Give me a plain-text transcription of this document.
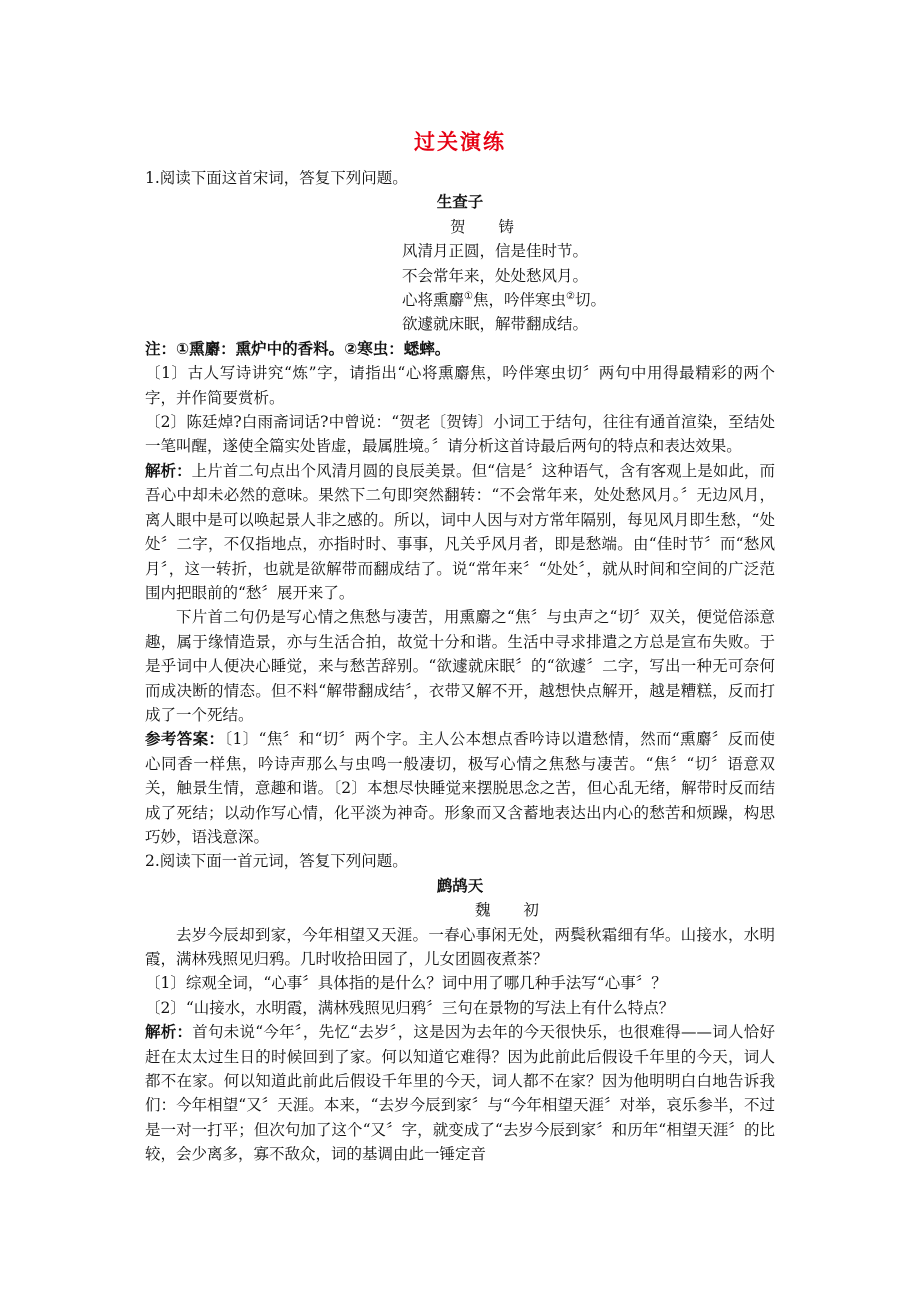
过关演练

1.阅读下面这首宋词，答复下列问题。

生查子

贺 铸

风清月正圆，信是佳时节。

不会常年来，处处愁风月。

心将熏麝①焦，吟伴寒虫②切。

欲遽就床眠，解带翻成结。

注：①熏麝：熏炉中的香料。②寒虫：蟋蟀。

〔1〕古人写诗讲究“炼”字，请指出“心将熏麝焦，吟伴寒虫切〞两句中用得最精彩的两个字，并作简要赏析。

〔2〕陈廷焯?白雨斋词话?中曾说：“贺老〔贺铸〕小词工于结句，往往有通首渲染，至结处一笔叫醒，遂使全篇实处皆虚，最属胜境。〞请分析这首诗最后两句的特点和表达效果。

解析：上片首二句点出个风清月圆的良辰美景。但“信是〞这种语气，含有客观上是如此，而吾心中却未必然的意味。果然下二句即突然翻转：“不会常年来，处处愁风月。〞无边风月，离人眼中是可以唤起景人非之感的。所以，词中人因与对方常年隔别，每见风月即生愁，“处处〞二字，不仅指地点，亦指时时、事事，凡关乎风月者，即是愁端。由“佳时节〞而“愁风月〞，这一转折，也就是欲解带而翻成结了。说“常年来〞“处处〞，就从时间和空间的广泛范围内把眼前的“愁〞展开来了。

下片首二句仍是写心情之焦愁与凄苦，用熏麝之“焦〞与虫声之“切〞双关，便觉倍添意趣，属于缘情造景，亦与生活合拍，故觉十分和谐。生活中寻求排遣之方总是宣布失败。于是乎词中人便决心睡觉，来与愁苦辞别。“欲遽就床眠〞的“欲遽〞二字，写出一种无可奈何而成决断的情态。但不料“解带翻成结〞，衣带又解不开，越想快点解开，越是糟糕，反而打成了一个死结。

参考答案：〔1〕“焦〞和“切〞两个字。主人公本想点香吟诗以遣愁情，然而“熏麝〞反而使心同香一样焦，吟诗声那么与虫鸣一般凄切，极写心情之焦愁与凄苦。“焦〞“切〞语意双关，触景生情，意趣和谐。〔2〕本想尽快睡觉来摆脱思念之苦，但心乱无绪，解带时反而结成了死结；以动作写心情，化平淡为神奇。形象而又含蓄地表达出内心的愁苦和烦躁，构思巧妙，语浅意深。

2.阅读下面一首元词，答复下列问题。

鹧鸪天

魏 初

去岁今辰却到家，今年相望又天涯。一春心事闲无处，两鬓秋霜细有华。山接水，水明霞，满林残照见归鸦。几时收拾田园了，儿女团圆夜煮茶？

〔1〕综观全词，“心事〞具体指的是什么？词中用了哪几种手法写“心事〞？

〔2〕“山接水，水明霞，满林残照见归鸦〞三句在景物的写法上有什么特点？

解析：首句未说“今年〞，先忆“去岁〞，这是因为去年的今天很快乐，也很难得——词人恰好赶在太太过生日的时候回到了家。何以知道它难得？因为此前此后假设千年里的今天，词人都不在家。何以知道此前此后假设千年里的今天，词人都不在家？因为他明明白白地告诉我们：今年相望“又〞天涯。本来，“去岁今辰到家〞与“今年相望天涯〞对举，哀乐参半，不过是一对一打平；但次句加了这个“又〞字，就变成了“去岁今辰到家〞和历年“相望天涯〞的比较，会少离多，寡不敌众，词的基调由此一锤定音
